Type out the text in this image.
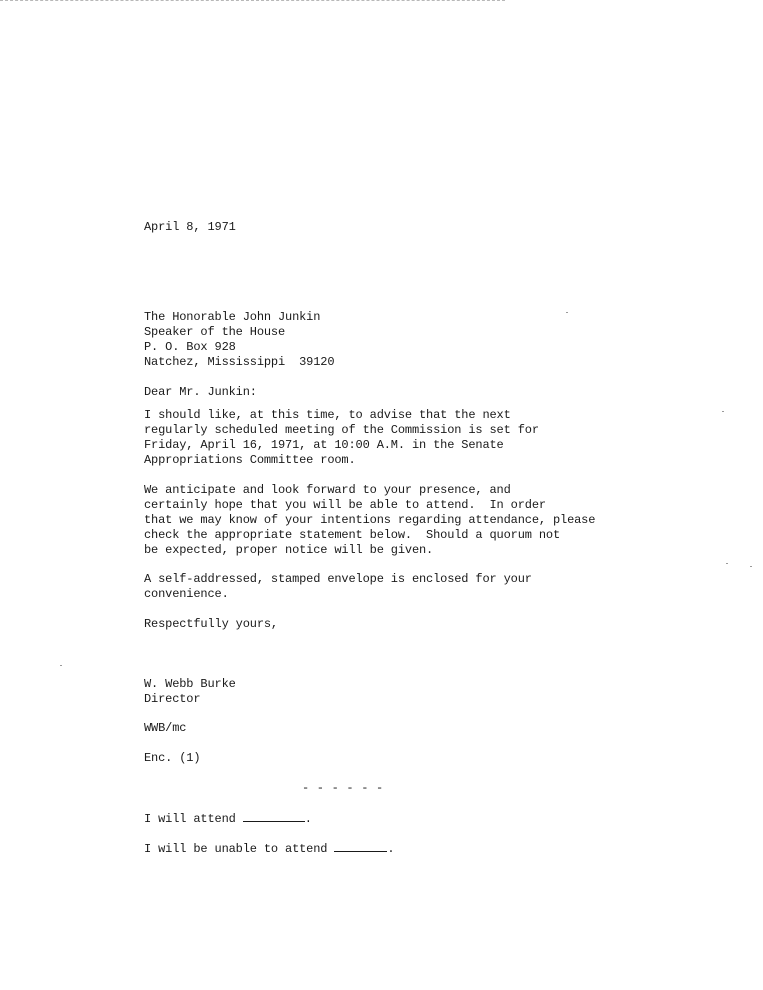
April 8, 1971
The Honorable John Junkin
Speaker of the House
P. O. Box 928
Natchez, Mississippi  39120
Dear Mr. Junkin:
I should like, at this time, to advise that the next
regularly scheduled meeting of the Commission is set for
Friday, April 16, 1971, at 10:00 A.M. in the Senate
Appropriations Committee room.
We anticipate and look forward to your presence, and
certainly hope that you will be able to attend.  In order
that we may know of your intentions regarding attendance, please
check the appropriate statement below.  Should a quorum not
be expected, proper notice will be given.
A self-addressed, stamped envelope is enclosed for your
convenience.
Respectfully yours,
W. Webb Burke
Director
WWB/mc
Enc. (1)
- - - - - -
I will attend	.
I will be unable to attend	.
